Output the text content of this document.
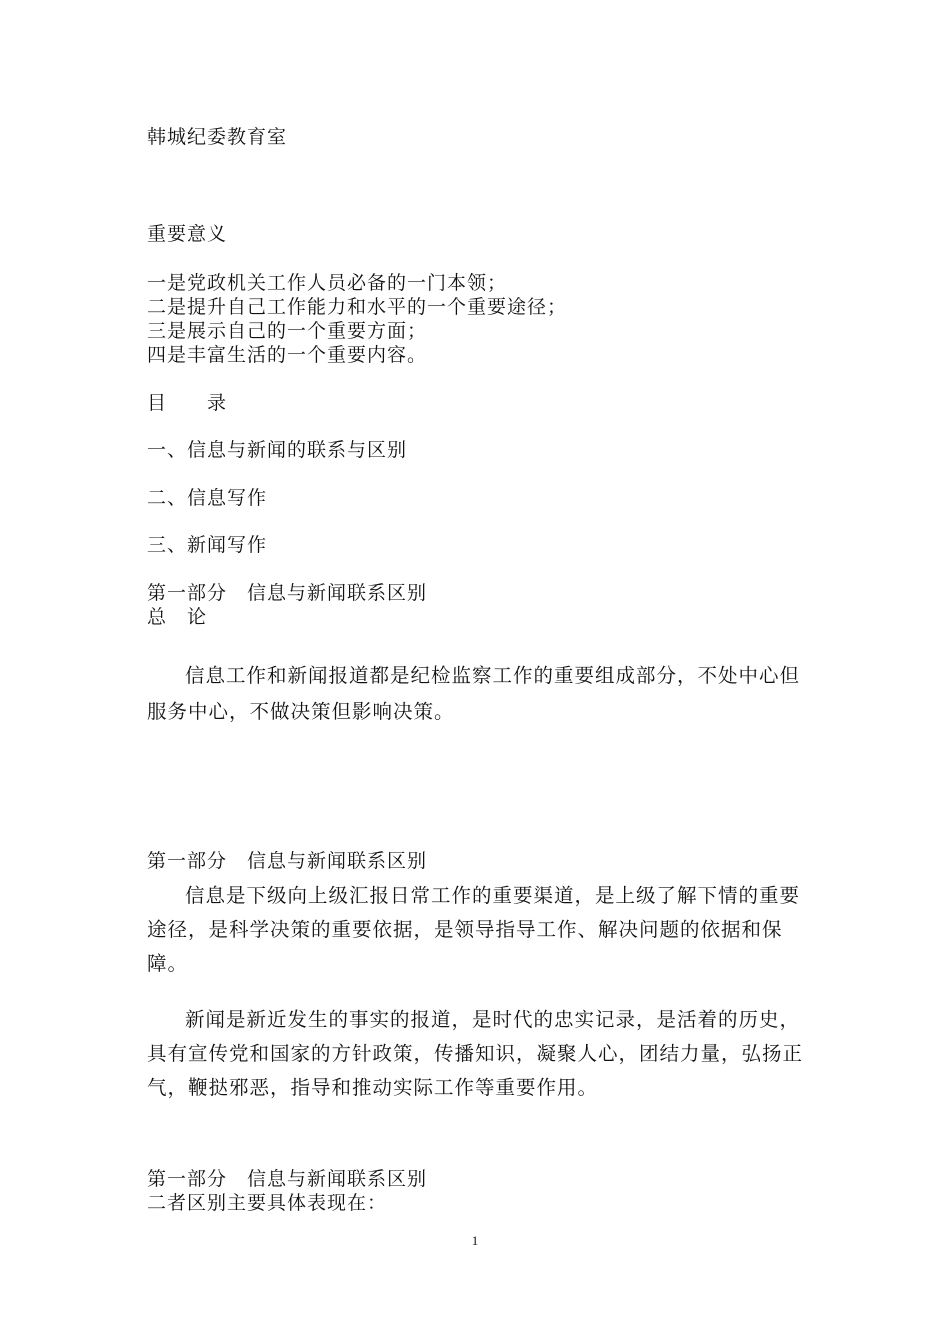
韩城纪委教育室
重要意义
一是党政机关工作人员必备的一门本领；
二是提升自己工作能力和水平的一个重要途径；
三是展示自己的一个重要方面；
四是丰富生活的一个重要内容。
目　　录
一、信息与新闻的联系与区别
二、信息写作
三、新闻写作
第一部分　信息与新闻联系区别
总　论

信息工作和新闻报道都是纪检监察工作的重要组成部分，不处中心但服务中心，不做决策但影响决策。

第一部分　信息与新闻联系区别

信息是下级向上级汇报日常工作的重要渠道，是上级了解下情的重要途径，是科学决策的重要依据，是领导指导工作、解决问题的依据和保障。

新闻是新近发生的事实的报道，是时代的忠实记录，是活着的历史，具有宣传党和国家的方针政策，传播知识，凝聚人心，团结力量，弘扬正气，鞭挞邪恶，指导和推动实际工作等重要作用。

第一部分　信息与新闻联系区别
二者区别主要具体表现在：
1
